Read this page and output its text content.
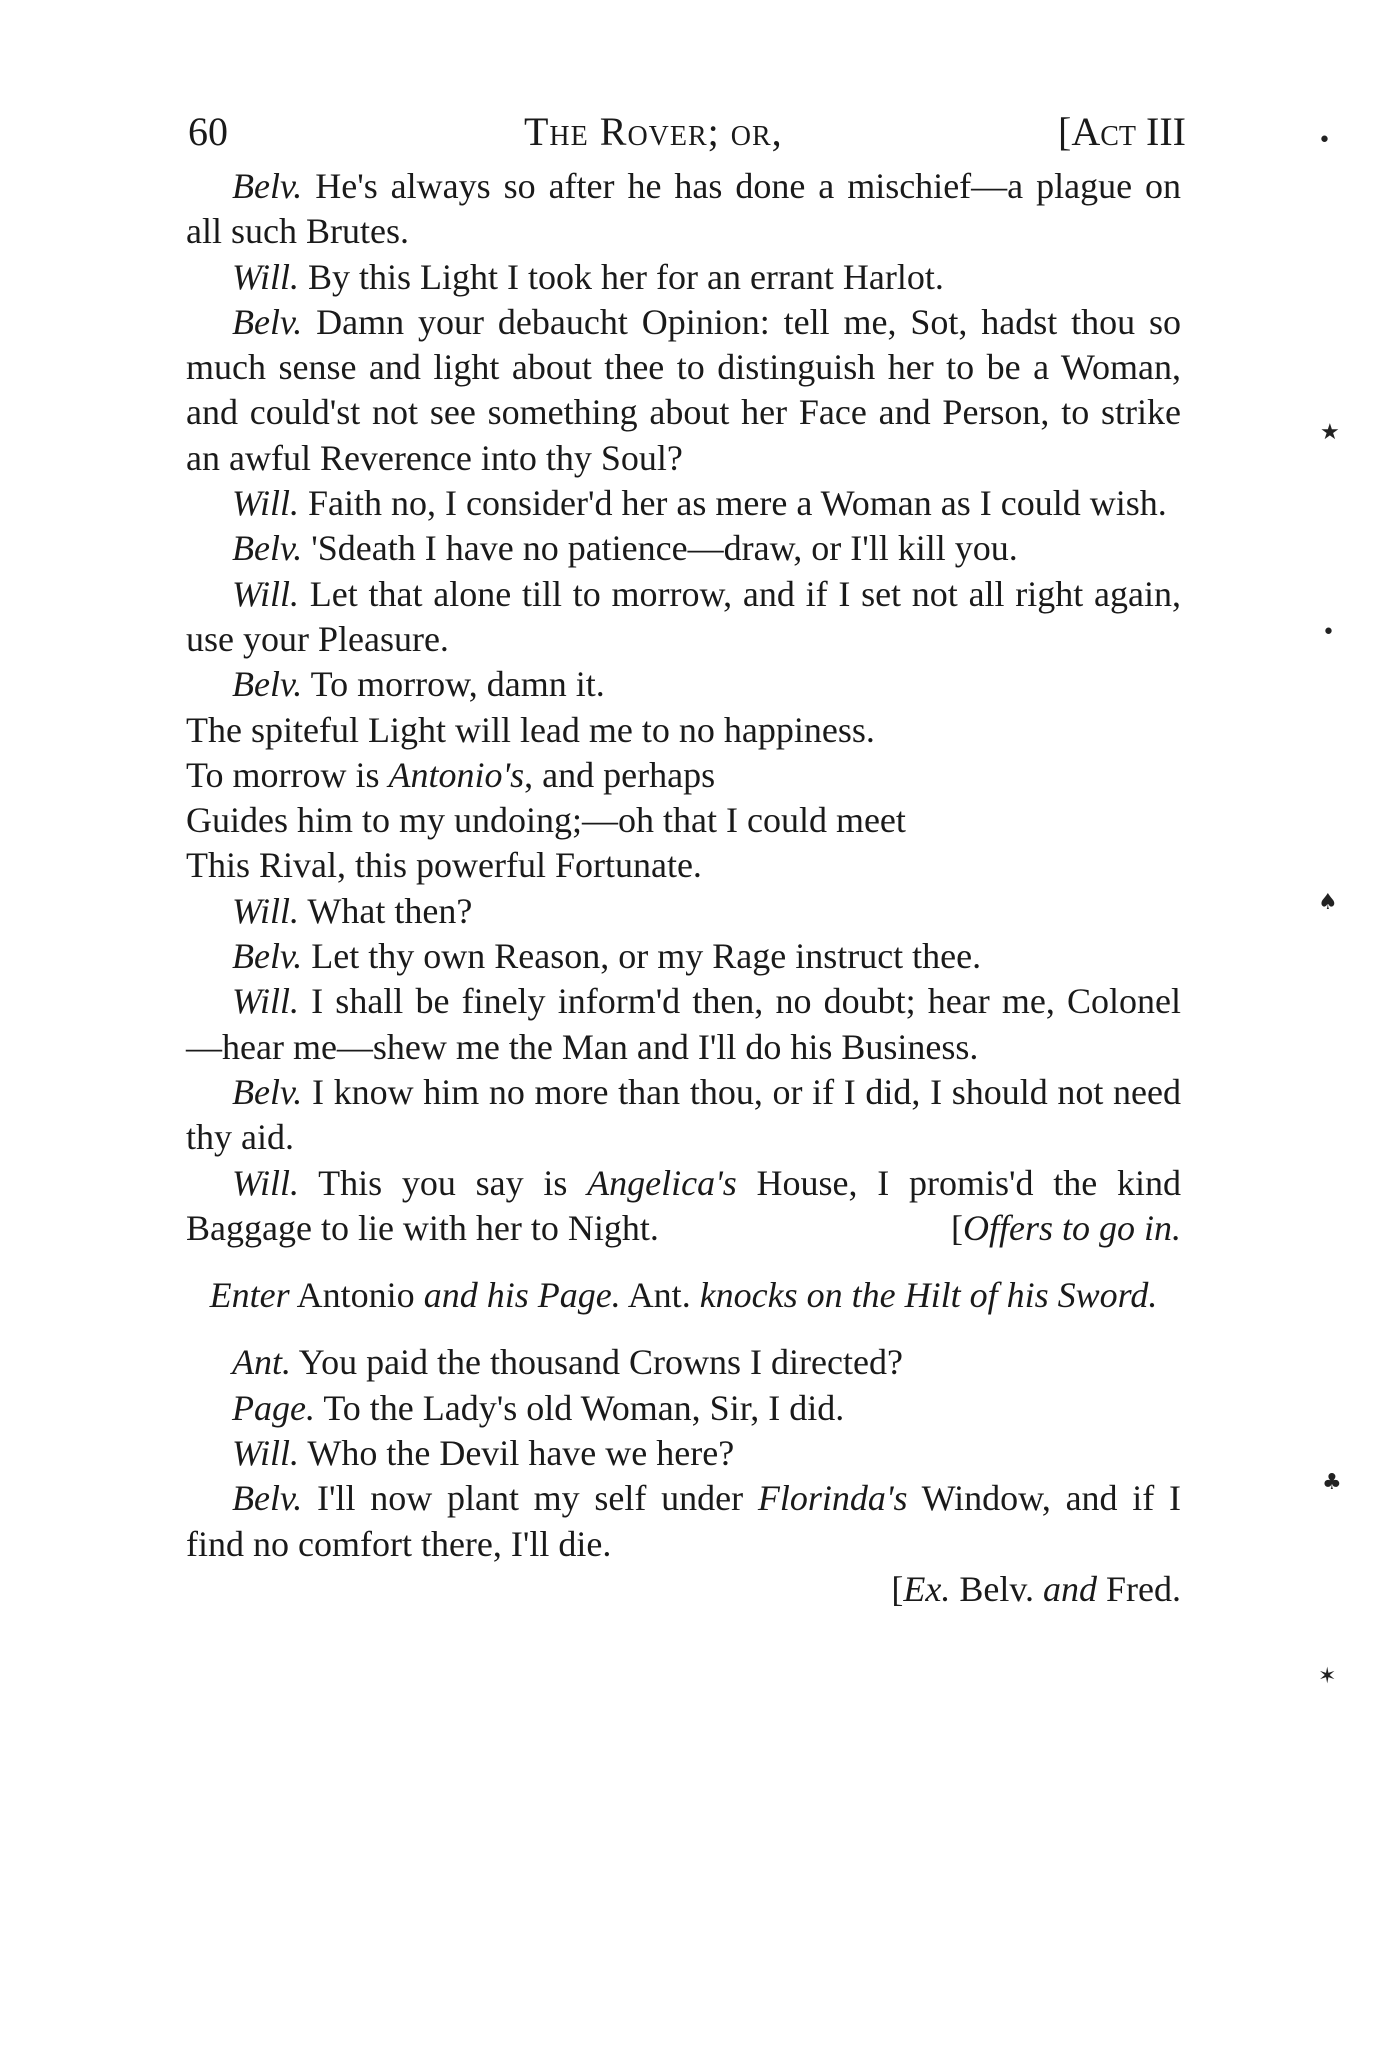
60	The Rover; or,	[Act III

Belv. He's always so after he has done a mischief—a plague on all such Brutes.

Will. By this Light I took her for an errant Harlot.

Belv. Damn your debaucht Opinion: tell me, Sot, hadst thou so much sense and light about thee to distinguish her to be a Woman, and could'st not see something about her Face and Person, to strike an awful Reverence into thy Soul?

Will. Faith no, I consider'd her as mere a Woman as I could wish.

Belv. 'Sdeath I have no patience—draw, or I'll kill you.

Will. Let that alone till to morrow, and if I set not all right again, use your Pleasure.

Belv. To morrow, damn it.
The spiteful Light will lead me to no happiness.
To morrow is Antonio's, and perhaps
Guides him to my undoing;—oh that I could meet
This Rival, this powerful Fortunate.

Will. What then?

Belv. Let thy own Reason, or my Rage instruct thee.

Will. I shall be finely inform'd then, no doubt; hear me, Colonel—hear me—shew me the Man and I'll do his Business.

Belv. I know him no more than thou, or if I did, I should not need thy aid.

Will. This you say is Angelica's House, I promis'd the kind Baggage to lie with her to Night.	[Offers to go in.

Enter Antonio and his Page. Ant. knocks on the Hilt of his Sword.

Ant. You paid the thousand Crowns I directed?

Page. To the Lady's old Woman, Sir, I did.

Will. Who the Devil have we here?

Belv. I'll now plant my self under Florinda's Window, and if I find no comfort there, I'll die.

[Ex. Belv. and Fred.
•
★
•
♠
♣
✶
